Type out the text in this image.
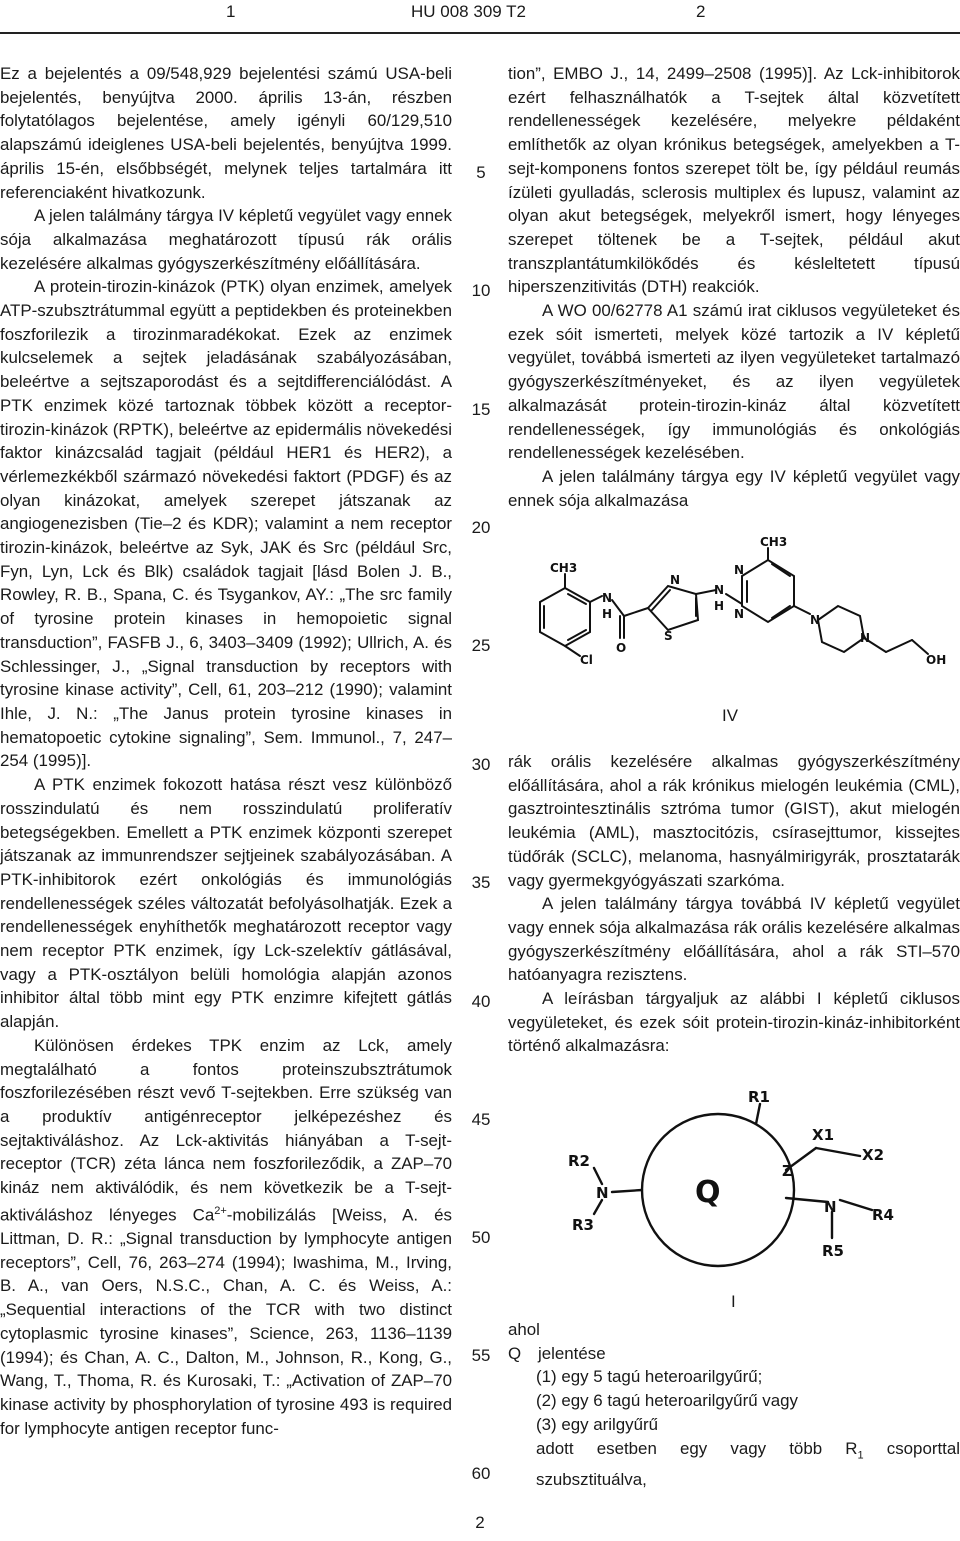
1	HU 008 309 T2	2

Ez a bejelentés a 09/548,929 bejelentési számú USA-beli bejelentés, benyújtva 2000. április 13-án, részben folytatólagos bejelentése, amely igényli 60/129,510 alapszámú ideiglenes USA-beli bejelentés, benyújtva 1999. április 15-én, elsőbbségét, melynek teljes tartalmára itt referenciaként hivatkozunk.

A jelen találmány tárgya IV képletű vegyület vagy ennek sója alkalmazása meghatározott típusú rák orális kezelésére alkalmas gyógyszerkészítmény előállítására.

A protein-tirozin-kinázok (PTK) olyan enzimek, amelyek ATP-szubsztrátummal együtt a peptidekben és proteinekben foszforilezik a tirozinmaradékokat. Ezek az enzimek kulcselemek a sejtek jeladásának szabályozásában, beleértve a sejtszaporodást és a sejtdifferenciálódást. A PTK enzimek közé tartoznak többek között a receptor-tirozin-kinázok (RPTK), beleértve az epidermális növekedési faktor kinázcsalád tagjait (például HER1 és HER2), a vérlemezkékből származó növekedési faktort (PDGF) és az olyan kinázokat, amelyek szerepet játszanak az angiogenezisben (Tie–2 és KDR); valamint a nem receptor tirozin-kinázok, beleértve az Syk, JAK és Src (például Src, Fyn, Lyn, Lck és Blk) családok tagjait [lásd Bolen J. B., Rowley, R. B., Spana, C. és Tsygankov, AY.: „The src family of tyrosine protein kinases in hemopoietic signal transduction”, FASFB J., 6, 3403–3409 (1992); Ullrich, A. és Schlessinger, J., „Signal transduction by receptors with tyrosine kinase activity”, Cell, 61, 203–212 (1990); valamint Ihle, J. N.: „The Janus protein tyrosine kinases in hematopoetic cytokine signaling”, Sem. Immunol., 7, 247–254 (1995)].

A PTK enzimek fokozott hatása részt vesz különböző rosszindulatú és nem rosszindulatú proliferatív betegségekben. Emellett a PTK enzimek központi szerepet játszanak az immunrendszer sejtjeinek szabályozásában. A PTK-inhibitorok ezért onkológiás és immunológiás rendellenességek széles változatát befolyásolhatják. Ezek a rendellenességek enyhíthetők meghatározott receptor vagy nem receptor PTK enzimek, így Lck-szelektív gátlásával, vagy a PTK-osztályon belüli homológia alapján azonos inhibitor által több mint egy PTK enzimre kifejtett gátlás alapján.

Különösen érdekes TPK enzim az Lck, amely megtalálható a fontos proteinszubsztrátumok foszforilezésében részt vevő T-sejtekben. Erre szükség van a produktív antigénreceptor jelképezéshez és sejtaktiváláshoz. Az Lck-aktivitás hiányában a T-sejt-receptor (TCR) zéta lánca nem foszforileződik, a ZAP–70 kináz nem aktiválódik, és nem következik be a T-sejt-aktiváláshoz lényeges $Ca^{2+}$-mobilizálás [Weiss, A. és Littman, D. R.: „Signal transduction by lymphocyte antigen receptors”, Cell, 76, 263–274 (1994); Iwashima, M., Irving, B. A., van Oers, N.S.C., Chan, A. C. és Weiss, A.: „Sequential interactions of the TCR with two distinct cytoplasmic tyrosine kinases”, Science, 263, 1136–1139 (1994); és Chan, A. C., Dalton, M., Johnson, R., Kong, G., Wang, T., Thoma, R. és Kurosaki, T.: „Activation of ZAP–70 kinase activity by phosphorylation of tyrosine 493 is required for lymphocyte antigen receptor func-

5
10
15
20
25
30
35
40
45
50
55
60

tion”, EMBO J., 14, 2499–2508 (1995)]. Az Lck-inhibitorok ezért felhasználhatók a T-sejtek által közvetített rendellenességek kezelésére, melyekre példaként említhetők az olyan krónikus betegségek, amelyekben a T-sejt-komponens fontos szerepet tölt be, így például reumás ízületi gyulladás, sclerosis multiplex és lupusz, valamint az olyan akut betegségek, melyekről ismert, hogy lényeges szerepet töltenek be a T-sejtek, például akut transzplantátumkilökődés és késleltetett típusú hiperszenzitivitás (DTH) reakciók.

A WO 00/62778 A1 számú irat ciklusos vegyületeket és ezek sóit ismerteti, melyek közé tartozik a IV képletű vegyület, továbbá ismerteti az ilyen vegyületeket tartalmazó gyógyszerkészítményeket, és az ilyen vegyületek alkalmazását protein-tirozin-kináz által közvetített rendellenességek, így immunológiás és onkológiás rendellenességek kezelésében.

A jelen találmány tárgya egy IV képletű vegyület vagy ennek sója alkalmazása

CH3
Cl
N
H
O
S
N
N
H
CH3
N
N	N
N
OH
IV

rák orális kezelésére alkalmas gyógyszerkészítmény előállítására, ahol a rák krónikus mielogén leukémia (CML), gasztrointesztinális sztróma tumor (GIST), akut mielogén leukémia (AML), masztocitózis, csírasejttumor, kissejtes tüdőrák (SCLC), melanoma, hasnyálmirigyrák, prosztatarák vagy gyermekgyógyászati szarkóma.

A jelen találmány tárgya továbbá IV képletű vegyület vagy ennek sója alkalmazása rák orális kezelésére alkalmas gyógyszerkészítmény előállítására, ahol a rák STI–570 hatóanyagra rezisztens.

A leírásban tárgyaljuk az alábbi I képletű ciklusos vegyületeket, és ezek sóit protein-tirozin-kináz-inhibitorként történő alkalmazásra:

Q
R1
X1
X2
Z
N R4
R5
N
R2
R3
I

ahol

Q jelentése
(1) egy 5 tagú heteroarilgyűrű;
(2) egy 6 tagú heteroarilgyűrű vagy
(3) egy arilgyűrű
adott esetben egy vagy több $R_1$ csoporttal szubsztituálva,
2
